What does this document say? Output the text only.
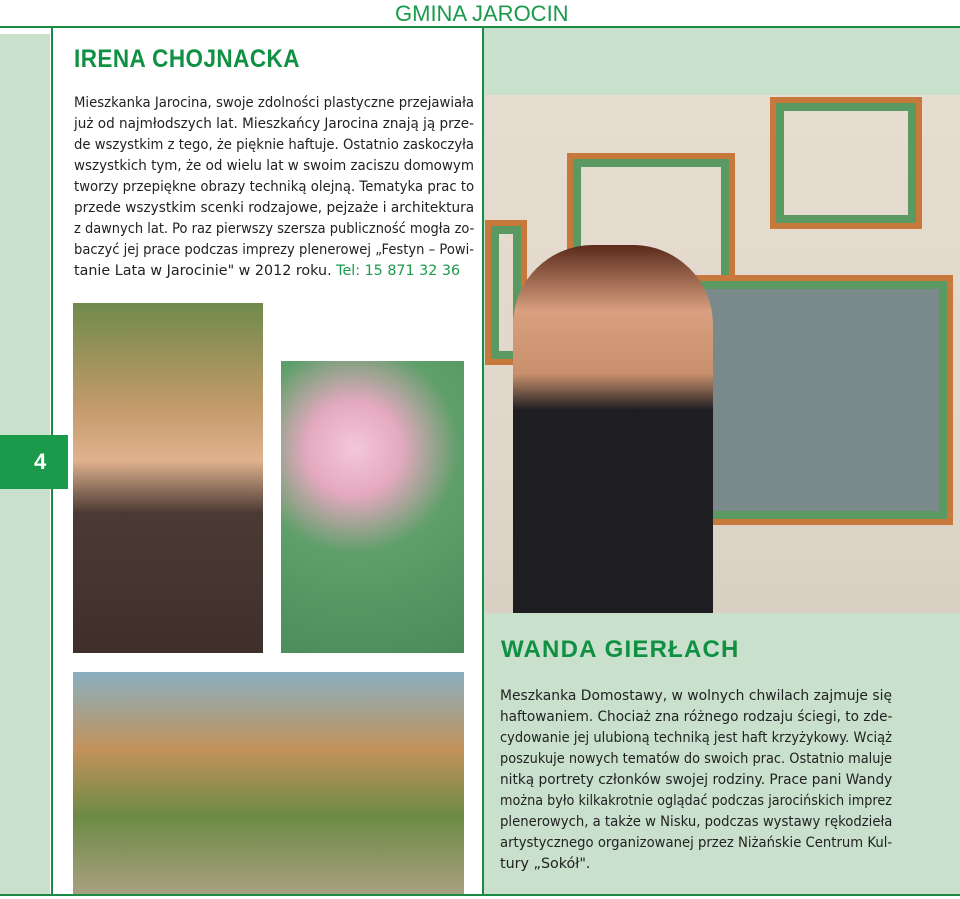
GMINA JAROCIN
4
IRENA CHOJNACKA
Mieszkanka Jarocina, swoje zdolności plastyczne przejawiała
już od najmłodszych lat. Mieszkańcy Jarocina znają ją prze-
de wszystkim z tego, że pięknie haftuje. Ostatnio zaskoczyła
wszystkich tym, że od wielu lat w swoim zaciszu domowym
tworzy przepiękne obrazy techniką olejną. Tematyka prac to
przede wszystkim scenki rodzajowe, pejzaże i architektura
z dawnych lat. Po raz pierwszy szersza publiczność mogła zo-
baczyć jej prace podczas imprezy plenerowej „Festyn – Powi-
tanie Lata w Jarocinie" w 2012 roku. Tel: 15 871 32 36
WANDA GIERŁACH
Meszkanka Domostawy, w wolnych chwilach zajmuje się
haftowaniem. Chociaż zna różnego rodzaju ściegi, to zde-
cydowanie jej ulubioną techniką jest haft krzyżykowy. Wciąż
poszukuje nowych tematów do swoich prac. Ostatnio maluje
nitką portrety członków swojej rodziny. Prace pani Wandy
można było kilkakrotnie oglądać podczas jarocińskich imprez
plenerowych, a także w Nisku, podczas wystawy rękodzieła
artystycznego organizowanej przez Niżańskie Centrum Kul-
tury „Sokół".
